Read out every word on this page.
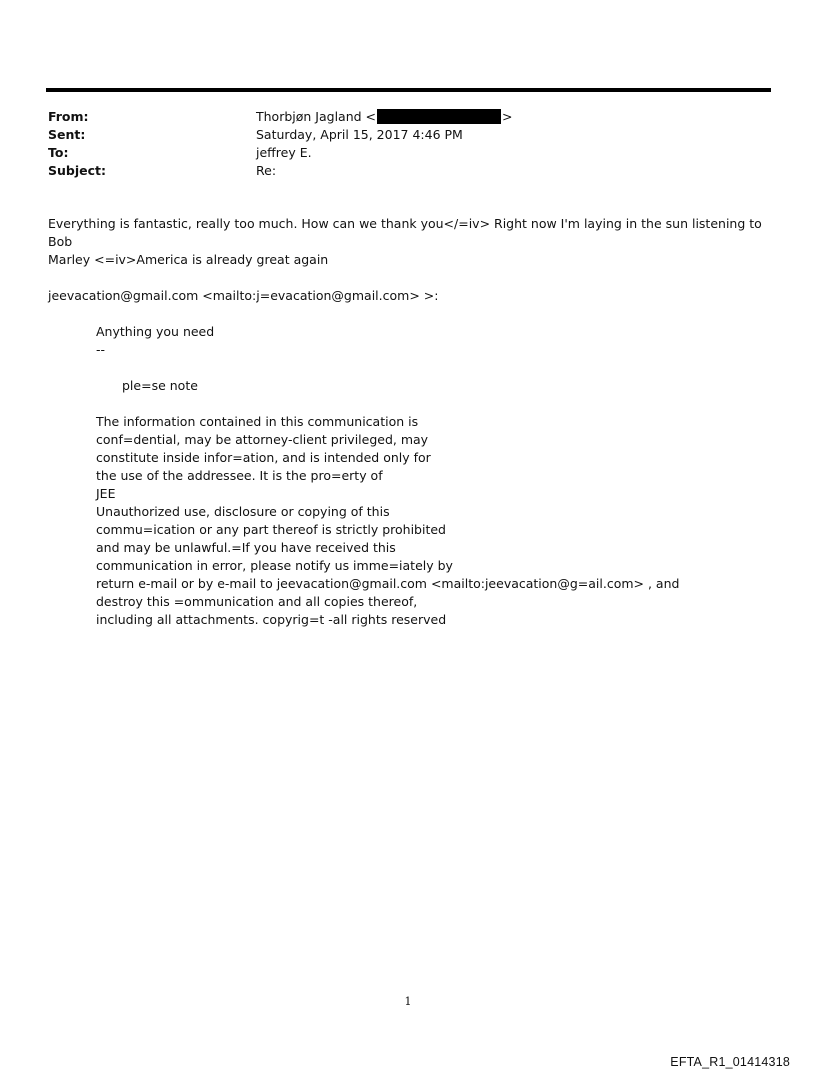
From:	Thorbjøn Jagland <	>
Sent:	Saturday, April 15, 2017 4:46 PM
To:	jeffrey E.
Subject:	Re:

Everything is fantastic, really too much. How can we thank you</=iv> Right now I'm laying in the sun listening to Bob

Marley <=iv>America is already great again

jeevacation@gmail.com <mailto:j=evacation@gmail.com> >:

Anything you need

--

ple=se note

The information contained in this communication is

conf=dential, may be attorney-client privileged, may

constitute inside infor=ation, and is intended only for

the use of the addressee. It is the pro=erty of

JEE

Unauthorized use, disclosure or copying of this

commu=ication or any part thereof is strictly prohibited

and may be unlawful.=If you have received this

communication in error, please notify us imme=iately by

return e-mail or by e-mail to jeevacation@gmail.com <mailto:jeevacation@g=ail.com> , and

destroy this =ommunication and all copies thereof,

including all attachments. copyrig=t -all rights reserved

1
EFTA_R1_01414318
